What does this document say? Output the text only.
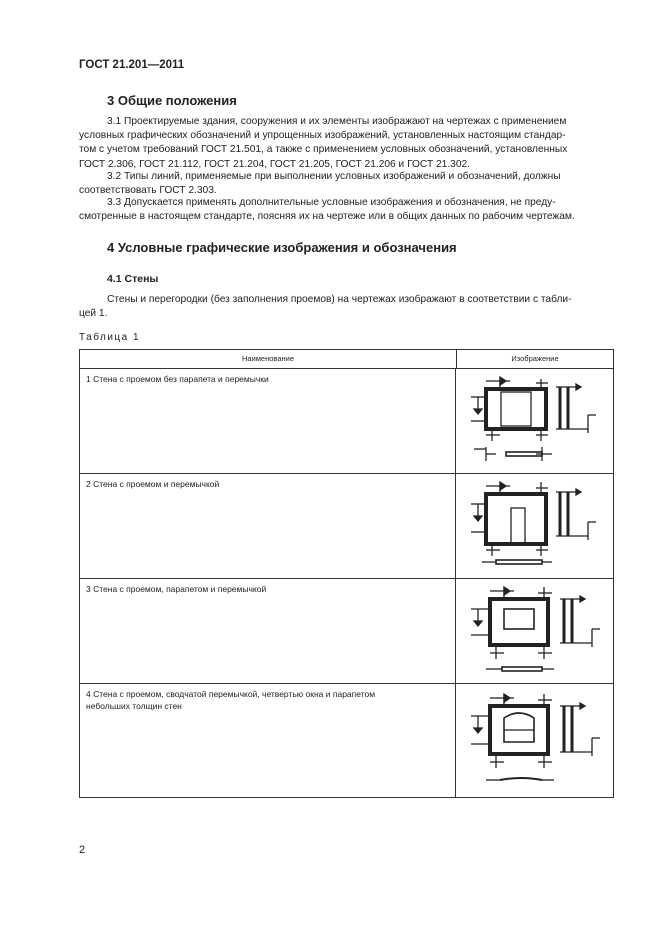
ГОСТ 21.201—2011
3 Общие положения

3.1 Проектируемые здания, сооружения и их элементы изображают на чертежах с применением
условных графических обозначений и упрощенных изображений, установленных настоящим стандар-
том с учетом требований ГОСТ 21.501, а также с применением условных обозначений, установленных
ГОСТ 2.306, ГОСТ 21.112, ГОСТ 21.204, ГОСТ 21.205, ГОСТ 21.206 и ГОСТ 21.302.

3.2 Типы линий, применяемые при выполнении условных изображений и обозначений, должны
соответствовать ГОСТ 2.303.

3.3 Допускается применять дополнительные условные изображения и обозначения, не преду-
смотренные в настоящем стандарте, поясняя их на чертеже или в общих данных по рабочим чертежам.

4 Условные графические изображения и обозначения
4.1 Стены

Стены и перегородки (без заполнения проемов) на чертежах изображают в соответствии с табли-
цей 1.

Таблица 1
Наименование	Изображение
1 Стена с проемом без парапета и перемычки
2 Стена с проемом и перемычкой
3 Стена с проемом, парапетом и перемычкой
4 Стена с проемом, сводчатой перемычкой, четвертью окна и парапетом
небольших толщин стен
2
